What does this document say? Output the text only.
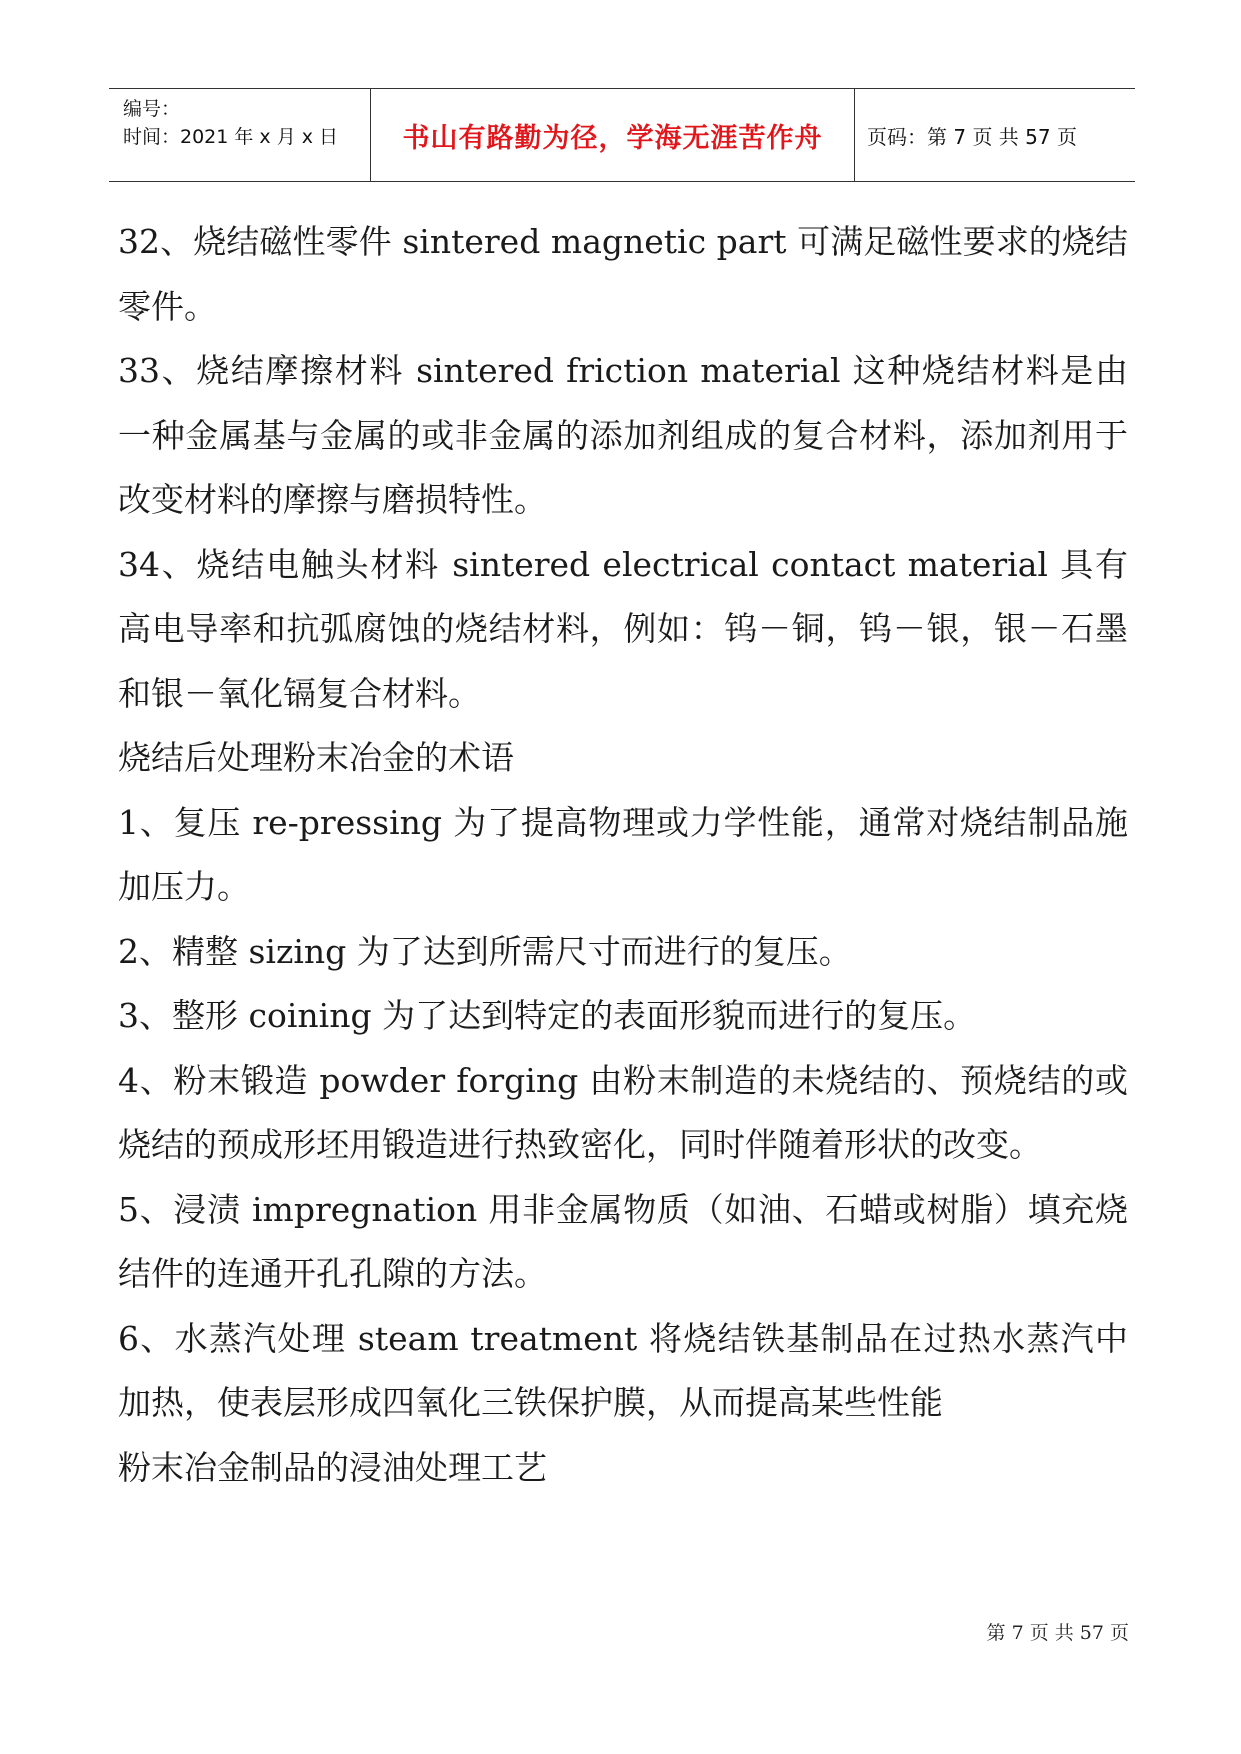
编号：
时间：2021 年 x 月 x 日	书山有路勤为径，学海无涯苦作舟	页码：第 7 页 共 57 页

32、烧结磁性零件 sintered magnetic part 可满足磁性要求的烧结零件。

33、烧结摩擦材料 sintered friction material 这种烧结材料是由一种金属基与金属的或非金属的添加剂组成的复合材料，添加剂用于改变材料的摩擦与磨损特性。

34、烧结电触头材料 sintered electrical contact material 具有高电导率和抗弧腐蚀的烧结材料，例如：钨－铜，钨－银，银－石墨和银－氧化镉复合材料。

烧结后处理粉末冶金的术语

1、复压 re-pressing 为了提高物理或力学性能，通常对烧结制品施加压力。

2、精整 sizing 为了达到所需尺寸而进行的复压。

3、整形 coining 为了达到特定的表面形貌而进行的复压。

4、粉末锻造 powder forging 由粉末制造的未烧结的、预烧结的或烧结的预成形坯用锻造进行热致密化，同时伴随着形状的改变。

5、浸渍 impregnation 用非金属物质（如油、石蜡或树脂）填充烧结件的连通开孔孔隙的方法。

6、水蒸汽处理 steam treatment 将烧结铁基制品在过热水蒸汽中加热，使表层形成四氧化三铁保护膜，从而提高某些性能

粉末冶金制品的浸油处理工艺

第 7 页 共 57 页
